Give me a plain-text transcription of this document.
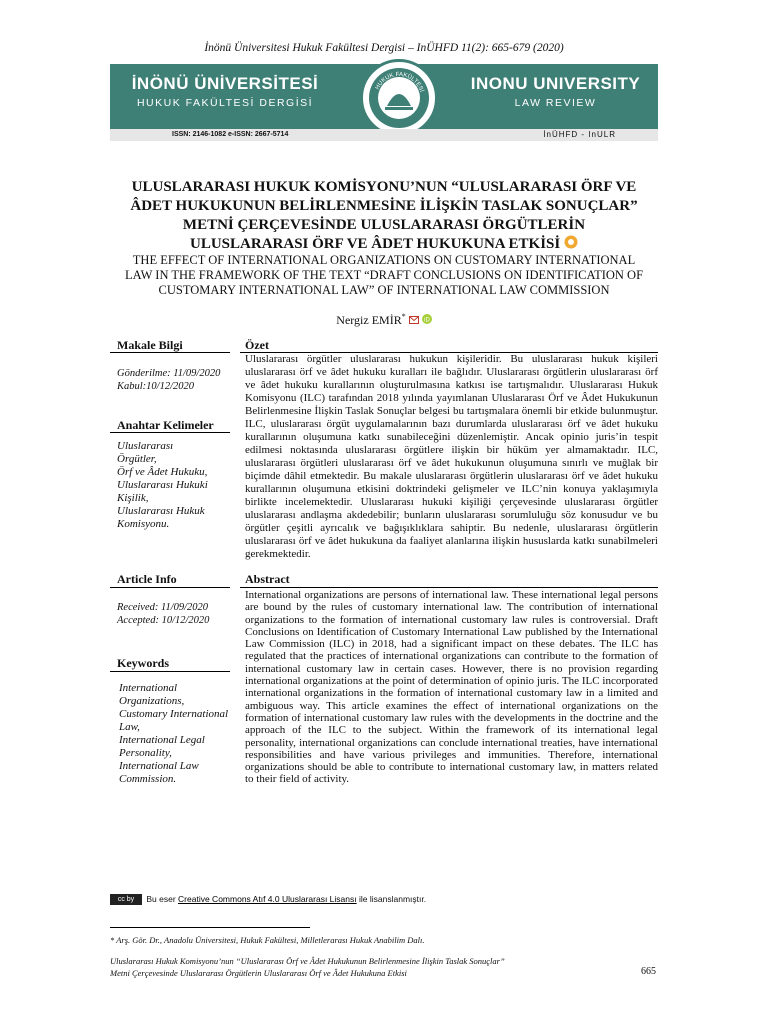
İnönü Üniversitesi Hukuk Fakültesi Dergisi – InÜHFD 11(2): 665-679 (2020)
İNÖNÜ ÜNİVERSİTESİ
HUKUK FAKÜLTESİ DERGİSİ
HUKUK FAKÜLTESİ	INONU UNIVERSITY
LAW REVIEW
ISSN: 2146-1082 e-ISSN: 2667-5714	İnÜHFD - InULR
ULUSLARARASI HUKUK KOMİSYONU’NUN “ULUSLARARASI ÖRF VE
ÂDET HUKUKUNUN BELİRLENMESİNE İLİŞKİN TASLAK SONUÇLAR”
METNİ ÇERÇEVESİNDE ULUSLARARASI ÖRGÜTLERİN
ULUSLARARASI ÖRF VE ÂDET HUKUKUNA ETKİSİ
THE EFFECT OF INTERNATIONAL ORGANIZATIONS ON CUSTOMARY INTERNATIONAL
LAW IN THE FRAMEWORK OF THE TEXT “DRAFT CONCLUSIONS ON IDENTIFICATION OF
CUSTOMARY INTERNATIONAL LAW” OF INTERNATIONAL LAW COMMISSION
Nergiz EMİR*	iD
Makale Bilgi	Özet
Gönderilme: 11/09/2020
Kabul:10/12/2020
Anahtar Kelimeler
Uluslararası
Örgütler,
Örf ve Âdet Hukuku,
Uluslararası Hukuki
Kişilik,
Uluslararası Hukuk
Komisyonu.
Uluslararası örgütler uluslararası hukukun kişileridir. Bu uluslararası hukuk kişileri uluslararası örf ve âdet hukuku kuralları ile bağlıdır. Uluslararası örgütlerin uluslararası örf ve âdet hukuku kurallarının oluşturulmasına katkısı ise tartışmalıdır. Uluslararası Hukuk Komisyonu (ILC) tarafından 2018 yılında yayımlanan Uluslararası Örf ve Âdet Hukukunun Belirlenmesine İlişkin Taslak Sonuçlar belgesi bu tartışmalara önemli bir etkide bulunmuştur. ILC, uluslararası örgüt uygulamalarının bazı durumlarda uluslararası örf ve âdet hukuku kurallarının oluşumuna katkı sunabileceğini düzenlemiştir. Ancak opinio juris’in tespit edilmesi noktasında uluslararası örgütlere ilişkin bir hüküm yer almamaktadır. ILC, uluslararası örgütleri uluslararası örf ve âdet hukukunun oluşumuna sınırlı ve muğlak bir biçimde dâhil etmektedir. Bu makale uluslararası örgütlerin uluslararası örf ve âdet hukuku kurallarının oluşumuna etkisini doktrindeki gelişmeler ve ILC’nin konuya yaklaşımıyla birlikte incelemektedir. Uluslararası hukuki kişiliği çerçevesinde uluslararası örgütler uluslararası andlaşma akdedebilir; bunların uluslararası sorumluluğu söz konusudur ve bu örgütler çeşitli ayrıcalık ve bağışıklıklara sahiptir. Bu nedenle, uluslararası örgütlerin uluslararası örf ve âdet hukukuna da faaliyet alanlarına ilişkin hususlarda katkı sunabilmeleri gerekmektedir.
Article Info	Abstract
Received: 11/09/2020
Accepted: 10/12/2020
Keywords
International
Organizations,
Customary International
Law,
International Legal
Personality,
International Law
Commission.
International organizations are persons of international law. These international legal persons are bound by the rules of customary international law. The contribution of international organizations to the formation of international customary law rules is controversial. Draft Conclusions on Identification of Customary International Law published by the International Law Commission (ILC) in 2018, had a significant impact on these debates. The ILC has regulated that the practices of international organizations can contribute to the formation of international customary law in certain cases. However, there is no provision regarding international organizations at the point of determination of opinio juris. The ILC incorporated international organizations in the formation of international customary law in a limited and ambiguous way. This article examines the effect of international organizations on the formation of international customary law rules with the developments in the doctrine and the approach of the ILC to the subject. Within the framework of its international legal personality, international organizations can conclude international treaties, have international responsibilities and have various privileges and immunities. Therefore, international organizations should be able to contribute to international customary law, in matters related to their field of activity.
cc by Bu eser Creative Commons Atıf 4.0 Uluslararası Lisansı ile lisanslanmıştır.
* Arş. Gör. Dr., Anadolu Üniversitesi, Hukuk Fakültesi, Milletlerarası Hukuk Anabilim Dalı.
Uluslararası Hukuk Komisyonu’nun “Uluslararası Örf ve Âdet Hukukunun Belirlenmesine İlişkin Taslak Sonuçlar”
Metni Çerçevesinde Uluslararası Örgütlerin Uluslararası Örf ve Âdet Hukukuna Etkisi	665
